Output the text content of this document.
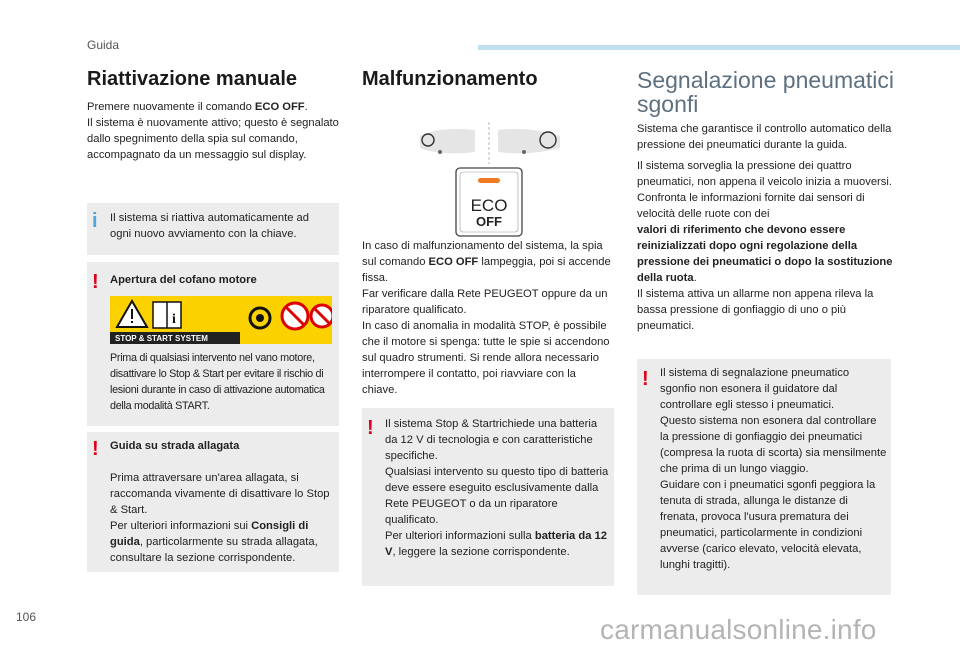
Guida
Riattivazione manuale

Premere nuovamente il comando ECO OFF.
Il sistema è nuovamente attivo; questo è segnalato dallo spegnimento della spia sul comando, accompagnato da un messaggio sul display.

i Il sistema si riattiva automaticamente ad ogni nuovo avviamento con la chiave.
! Apertura del cofano motore
i
STOP & START SYSTEM
Prima di qualsiasi intervento nel vano motore, disattivare lo Stop & Start per evitare il rischio di lesioni durante in caso di attivazione automatica della modalità START.
! Guida su strada allagata

Prima attraversare un'area allagata, si raccomanda vivamente di disattivare lo Stop & Start.

Per ulteriori informazioni sui Consigli di guida, particolarmente su strada allagata, consultare la sezione corrispondente.

Malfunzionamento
ECO
OFF

In caso di malfunzionamento del sistema, la spia sul comando ECO OFF lampeggia, poi si accende fissa.

Far verificare dalla Rete PEUGEOT oppure da un riparatore qualificato.

In caso di anomalia in modalità STOP, è possibile che il motore si spenga: tutte le spie si accendono sul quadro strumenti. Si rende allora necessario interrompere il contatto, poi riavviare con la chiave.

! Il sistema Stop & Startrichiede una batteria da 12 V di tecnologia e con caratteristiche specifiche.

Qualsiasi intervento su questo tipo di batteria deve essere eseguito esclusivamente dalla Rete PEUGEOT o da un riparatore qualificato.

Per ulteriori informazioni sulla batteria da 12 V, leggere la sezione corrispondente.

Segnalazione pneumatici sgonfi

Sistema che garantisce il controllo automatico della pressione dei pneumatici durante la guida.

Il sistema sorveglia la pressione dei quattro pneumatici, non appena il veicolo inizia a muoversi.

Confronta le informazioni fornite dai sensori di velocità delle ruote con dei

valori di riferimento che devono essere reinizializzati dopo ogni regolazione della pressione dei pneumatici o dopo la sostituzione della ruota.

Il sistema attiva un allarme non appena rileva la bassa pressione di gonfiaggio di uno o più pneumatici.

! Il sistema di segnalazione pneumatico sgonfio non esonera il guidatore dal controllare egli stesso i pneumatici.

Questo sistema non esonera dal controllare la pressione di gonfiaggio dei pneumatici (compresa la ruota di scorta) sia mensilmente che prima di un lungo viaggio.

Guidare con i pneumatici sgonfi peggiora la tenuta di strada, allunga le distanze di frenata, provoca l'usura prematura dei pneumatici, particolarmente in condizioni avverse (carico elevato, velocità elevata, lunghi tragitti).

106	carmanualsonline.info
